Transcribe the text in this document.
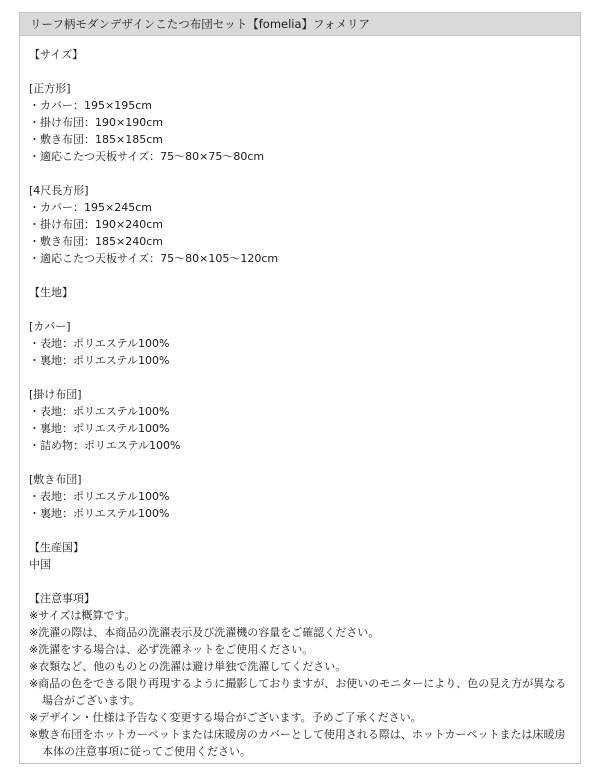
リーフ柄モダンデザインこたつ布団セット【fomelia】フォメリア
【サイズ】
[正方形]
・カバー：195×195cm
・掛け布団：190×190cm
・敷き布団：185×185cm
・適応こたつ天板サイズ：75～80×75～80cm
[4尺長方形]
・カバー：195×245cm
・掛け布団：190×240cm
・敷き布団：185×240cm
・適応こたつ天板サイズ：75～80×105～120cm
【生地】
[カバー]
・表地：ポリエステル100%
・裏地：ポリエステル100%
[掛け布団]
・表地：ポリエステル100%
・裏地：ポリエステル100%
・詰め物：ポリエステル100%
[敷き布団]
・表地：ポリエステル100%
・裏地：ポリエステル100%
【生産国】
中国
【注意事項】
※サイズは概算です。
※洗濯の際は、本商品の洗濯表示及び洗濯機の容量をご確認ください。
※洗濯をする場合は、必ず洗濯ネットをご使用ください。
※衣類など、他のものとの洗濯は避け単独で洗濯してください。
※商品の色をできる限り再現するように撮影しておりますが、お使いのモニターにより、色の見え方が異なる
場合がございます。
※デザイン・仕様は予告なく変更する場合がございます。予めご了承ください。
※敷き布団をホットカーペットまたは床暖房のカバーとして使用される際は、ホットカーペットまたは床暖房
本体の注意事項に従ってご使用ください。
